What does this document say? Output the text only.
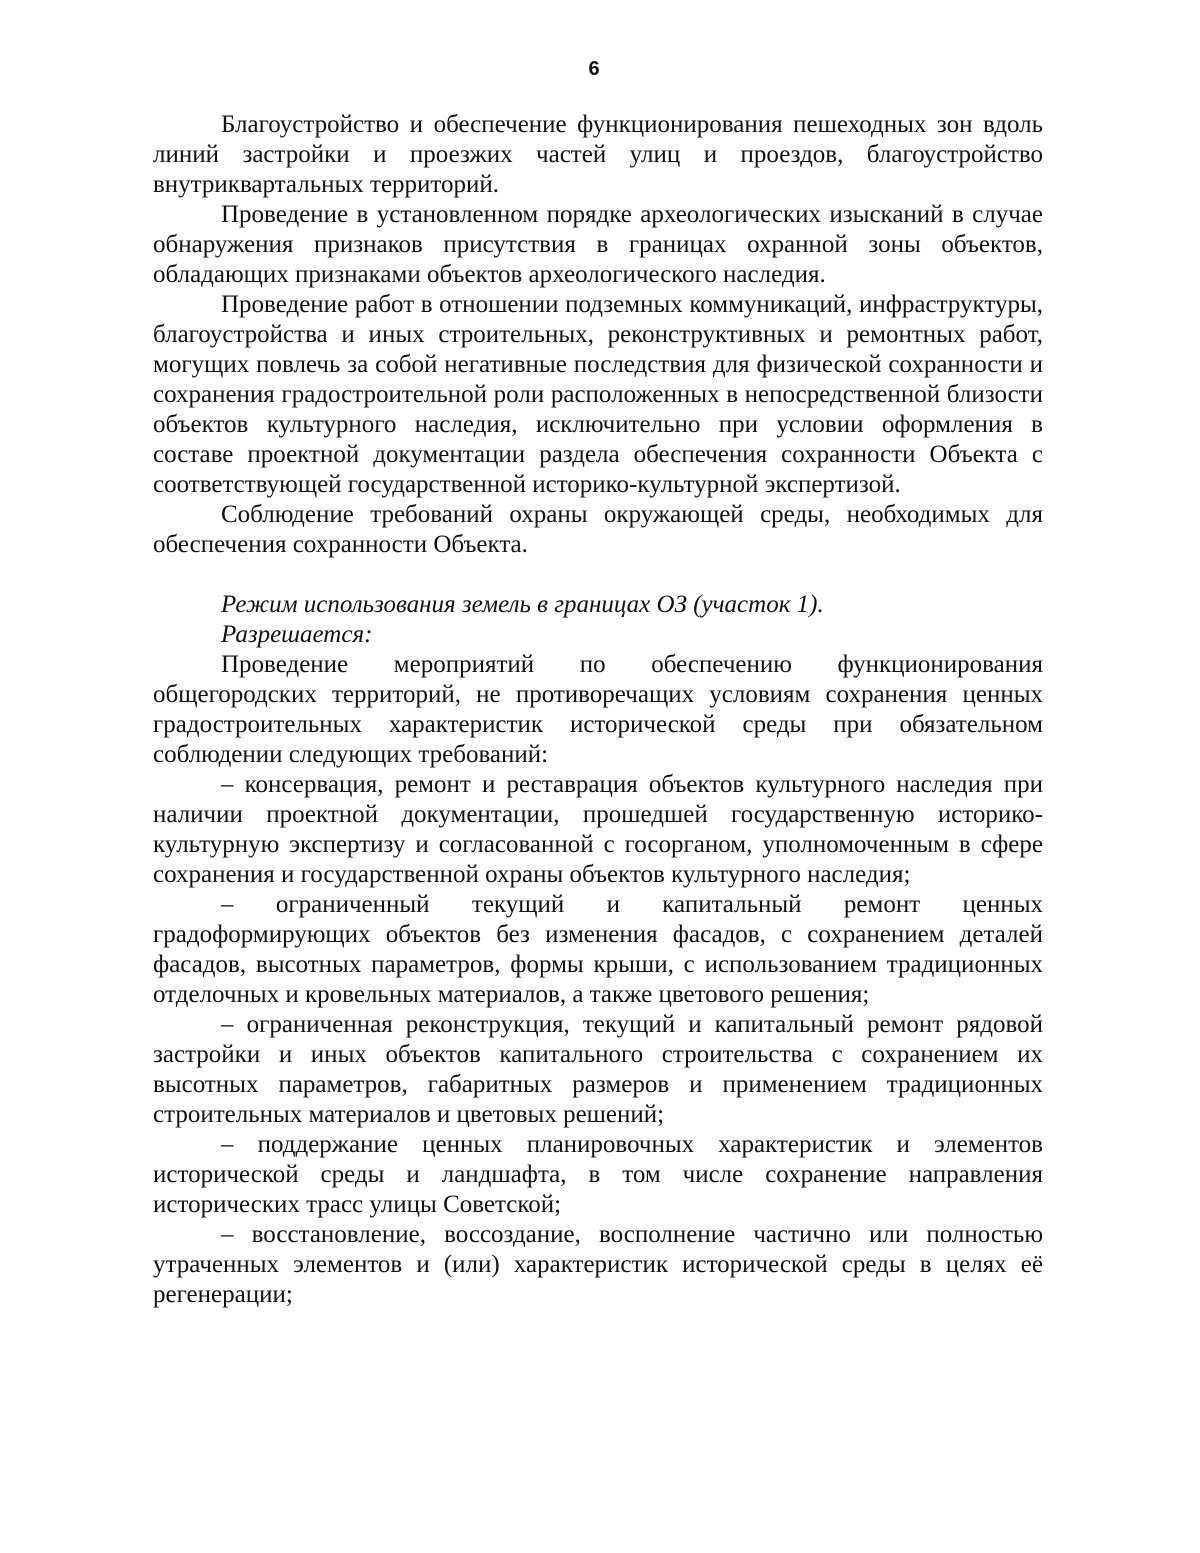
6

Благоустройство и обеспечение функционирования пешеходных зон вдоль линий застройки и проезжих частей улиц и проездов, благоустройство внутриквартальных территорий.

Проведение в установленном порядке археологических изысканий в случае обнаружения признаков присутствия в границах охранной зоны объектов, обладающих признаками объектов археологического наследия.

Проведение работ в отношении подземных коммуникаций, инфраструктуры, благоустройства и иных строительных, реконструктивных и ремонтных работ, могущих повлечь за собой негативные последствия для физической сохранности и сохранения градостроительной роли расположенных в непосредственной близости объектов культурного наследия, исключительно при условии оформления в составе проектной документации раздела обеспечения сохранности Объекта с соответствующей государственной историко-культурной экспертизой.

Соблюдение требований охраны окружающей среды, необходимых для обеспечения сохранности Объекта.

Режим использования земель в границах ОЗ (участок 1).

Разрешается:

Проведение мероприятий по обеспечению функционирования общегородских территорий, не противоречащих условиям сохранения ценных градостроительных характеристик исторической среды при обязательном соблюдении следующих требований:

– консервация, ремонт и реставрация объектов культурного наследия при наличии проектной документации, прошедшей государственную историко-культурную экспертизу и согласованной с госорганом, уполномоченным в сфере сохранения и государственной охраны объектов культурного наследия;

– ограниченный текущий и капитальный ремонт ценных градоформирующих объектов без изменения фасадов, с сохранением деталей фасадов, высотных параметров, формы крыши, с использованием традиционных отделочных и кровельных материалов, а также цветового решения;

– ограниченная реконструкция, текущий и капитальный ремонт рядовой застройки и иных объектов капитального строительства с сохранением их высотных параметров, габаритных размеров и применением традиционных строительных материалов и цветовых решений;

– поддержание ценных планировочных характеристик и элементов исторической среды и ландшафта, в том числе сохранение направления исторических трасс улицы Советской;

– восстановление, воссоздание, восполнение частично или полностью утраченных элементов и (или) характеристик исторической среды в целях её регенерации;
